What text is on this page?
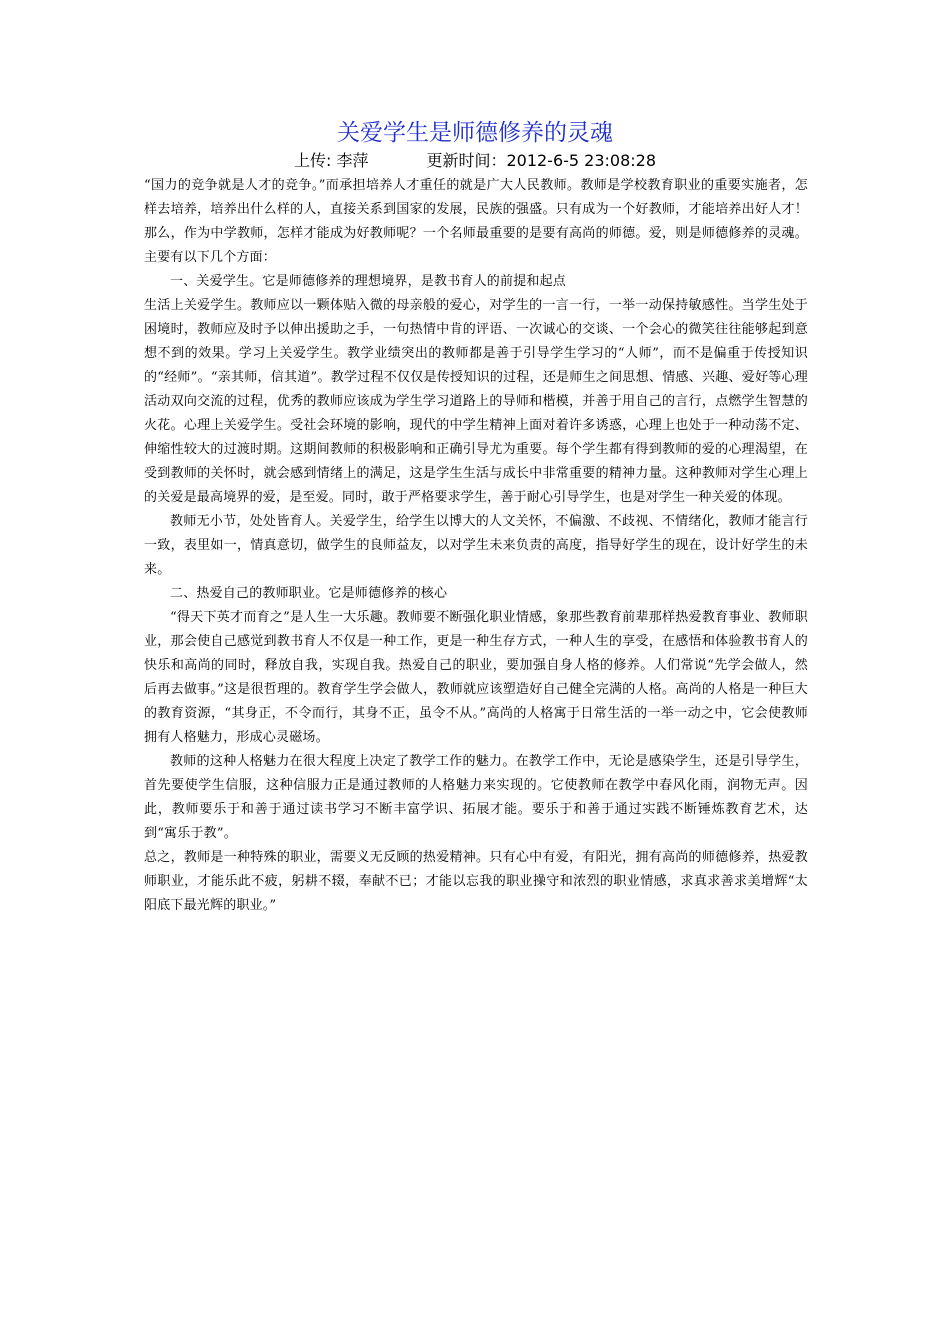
关爱学生是师德修养的灵魂
上传: 李萍	更新时间：2012-6-5 23:08:28

“国力的竞争就是人才的竞争。”而承担培养人才重任的就是广大人民教师。教师是学校教育职业的重要实施者，怎样去培养，培养出什么样的人，直接关系到国家的发展，民族的强盛。只有成为一个好教师，才能培养出好人才！那么，作为中学教师，怎样才能成为好教师呢？一个名师最重要的是要有高尚的师德。爱，则是师德修养的灵魂。主要有以下几个方面：

一、关爱学生。它是师德修养的理想境界，是教书育人的前提和起点

生活上关爱学生。教师应以一颗体贴入微的母亲般的爱心，对学生的一言一行，一举一动保持敏感性。当学生处于困境时，教师应及时予以伸出援助之手，一句热情中肯的评语、一次诚心的交谈、一个会心的微笑往往能够起到意想不到的效果。学习上关爱学生。教学业绩突出的教师都是善于引导学生学习的“人师”，而不是偏重于传授知识的“经师”。“亲其师，信其道”。教学过程不仅仅是传授知识的过程，还是师生之间思想、情感、兴趣、爱好等心理活动双向交流的过程，优秀的教师应该成为学生学习道路上的导师和楷模，并善于用自己的言行，点燃学生智慧的火花。心理上关爱学生。受社会环境的影响，现代的中学生精神上面对着许多诱惑，心理上也处于一种动荡不定、伸缩性较大的过渡时期。这期间教师的积极影响和正确引导尤为重要。每个学生都有得到教师的爱的心理渴望，在受到教师的关怀时，就会感到情绪上的满足，这是学生生活与成长中非常重要的精神力量。这种教师对学生心理上的关爱是最高境界的爱，是至爱。同时，敢于严格要求学生，善于耐心引导学生，也是对学生一种关爱的体现。

教师无小节，处处皆育人。关爱学生，给学生以博大的人文关怀，不偏激、不歧视、不情绪化，教师才能言行一致，表里如一，情真意切，做学生的良师益友，以对学生未来负责的高度，指导好学生的现在，设计好学生的未来。

二、热爱自己的教师职业。它是师德修养的核心

“得天下英才而育之”是人生一大乐趣。教师要不断强化职业情感，象那些教育前辈那样热爱教育事业、教师职业，那会使自己感觉到教书育人不仅是一种工作，更是一种生存方式，一种人生的享受，在感悟和体验教书育人的快乐和高尚的同时，释放自我，实现自我。热爱自己的职业，要加强自身人格的修养。人们常说“先学会做人，然后再去做事。”这是很哲理的。教育学生学会做人，教师就应该塑造好自己健全完满的人格。高尚的人格是一种巨大的教育资源，“其身正，不令而行，其身不正，虽令不从。”高尚的人格寓于日常生活的一举一动之中，它会使教师拥有人格魅力，形成心灵磁场。

教师的这种人格魅力在很大程度上决定了教学工作的魅力。在教学工作中，无论是感染学生，还是引导学生，首先要使学生信服，这种信服力正是通过教师的人格魅力来实现的。它使教师在教学中春风化雨，润物无声。因此，教师要乐于和善于通过读书学习不断丰富学识、拓展才能。要乐于和善于通过实践不断锤炼教育艺术，达到“寓乐于教”。

总之，教师是一种特殊的职业，需要义无反顾的热爱精神。只有心中有爱，有阳光，拥有高尚的师德修养，热爱教师职业，才能乐此不疲，躬耕不辍，奉献不已；才能以忘我的职业操守和浓烈的职业情感，求真求善求美增辉“太阳底下最光辉的职业。”
